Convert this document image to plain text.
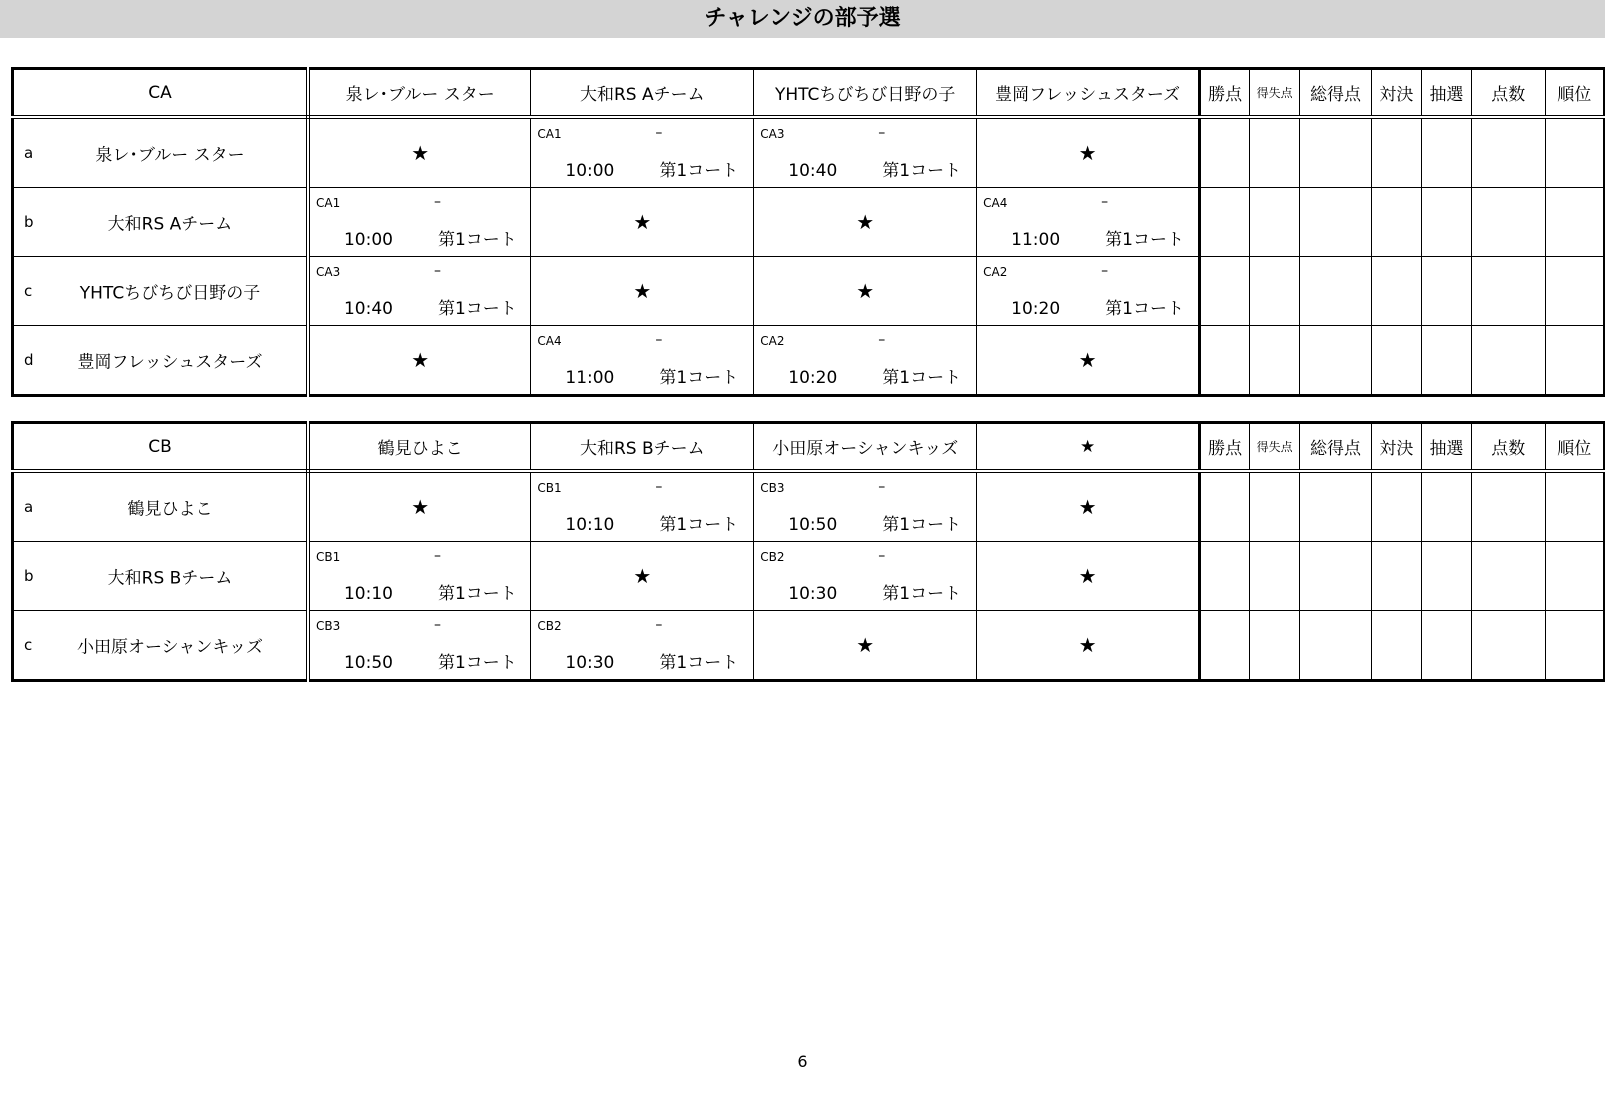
チャレンジの部予選
CA	泉レ･ブルー スター	大和RS Aチーム	YHTCちびちび日野の子	豊岡フレッシュスターズ	勝点	得失点	総得点	対決	抽選	点数	順位

a 泉レ･ブルー スター	★	CA1 –
10:00 第1コート	CA3 –
10:40 第1コート	★							

b 大和RS Aチーム	CA1 –
10:00 第1コート	★	★	CA4 –
11:00 第1コート							

c YHTCちびちび日野の子	CA3 –
10:40 第1コート	★	★	CA2 –
10:20 第1コート							

d 豊岡フレッシュスターズ	★	CA4 –
11:00 第1コート	CA2 –
10:20 第1コート	★							
CB	鶴見ひよこ	大和RS Bチーム	小田原オーシャンキッズ	★	勝点	得失点	総得点	対決	抽選	点数	順位

a 鶴見ひよこ	★	CB1 –
10:10 第1コート	CB3 –
10:50 第1コート	★							

b 大和RS Bチーム	CB1 –
10:10 第1コート	★	CB2 –
10:30 第1コート	★							

c 小田原オーシャンキッズ	CB3 –
10:50 第1コート	CB2 –
10:30 第1コート	★	★							
6
